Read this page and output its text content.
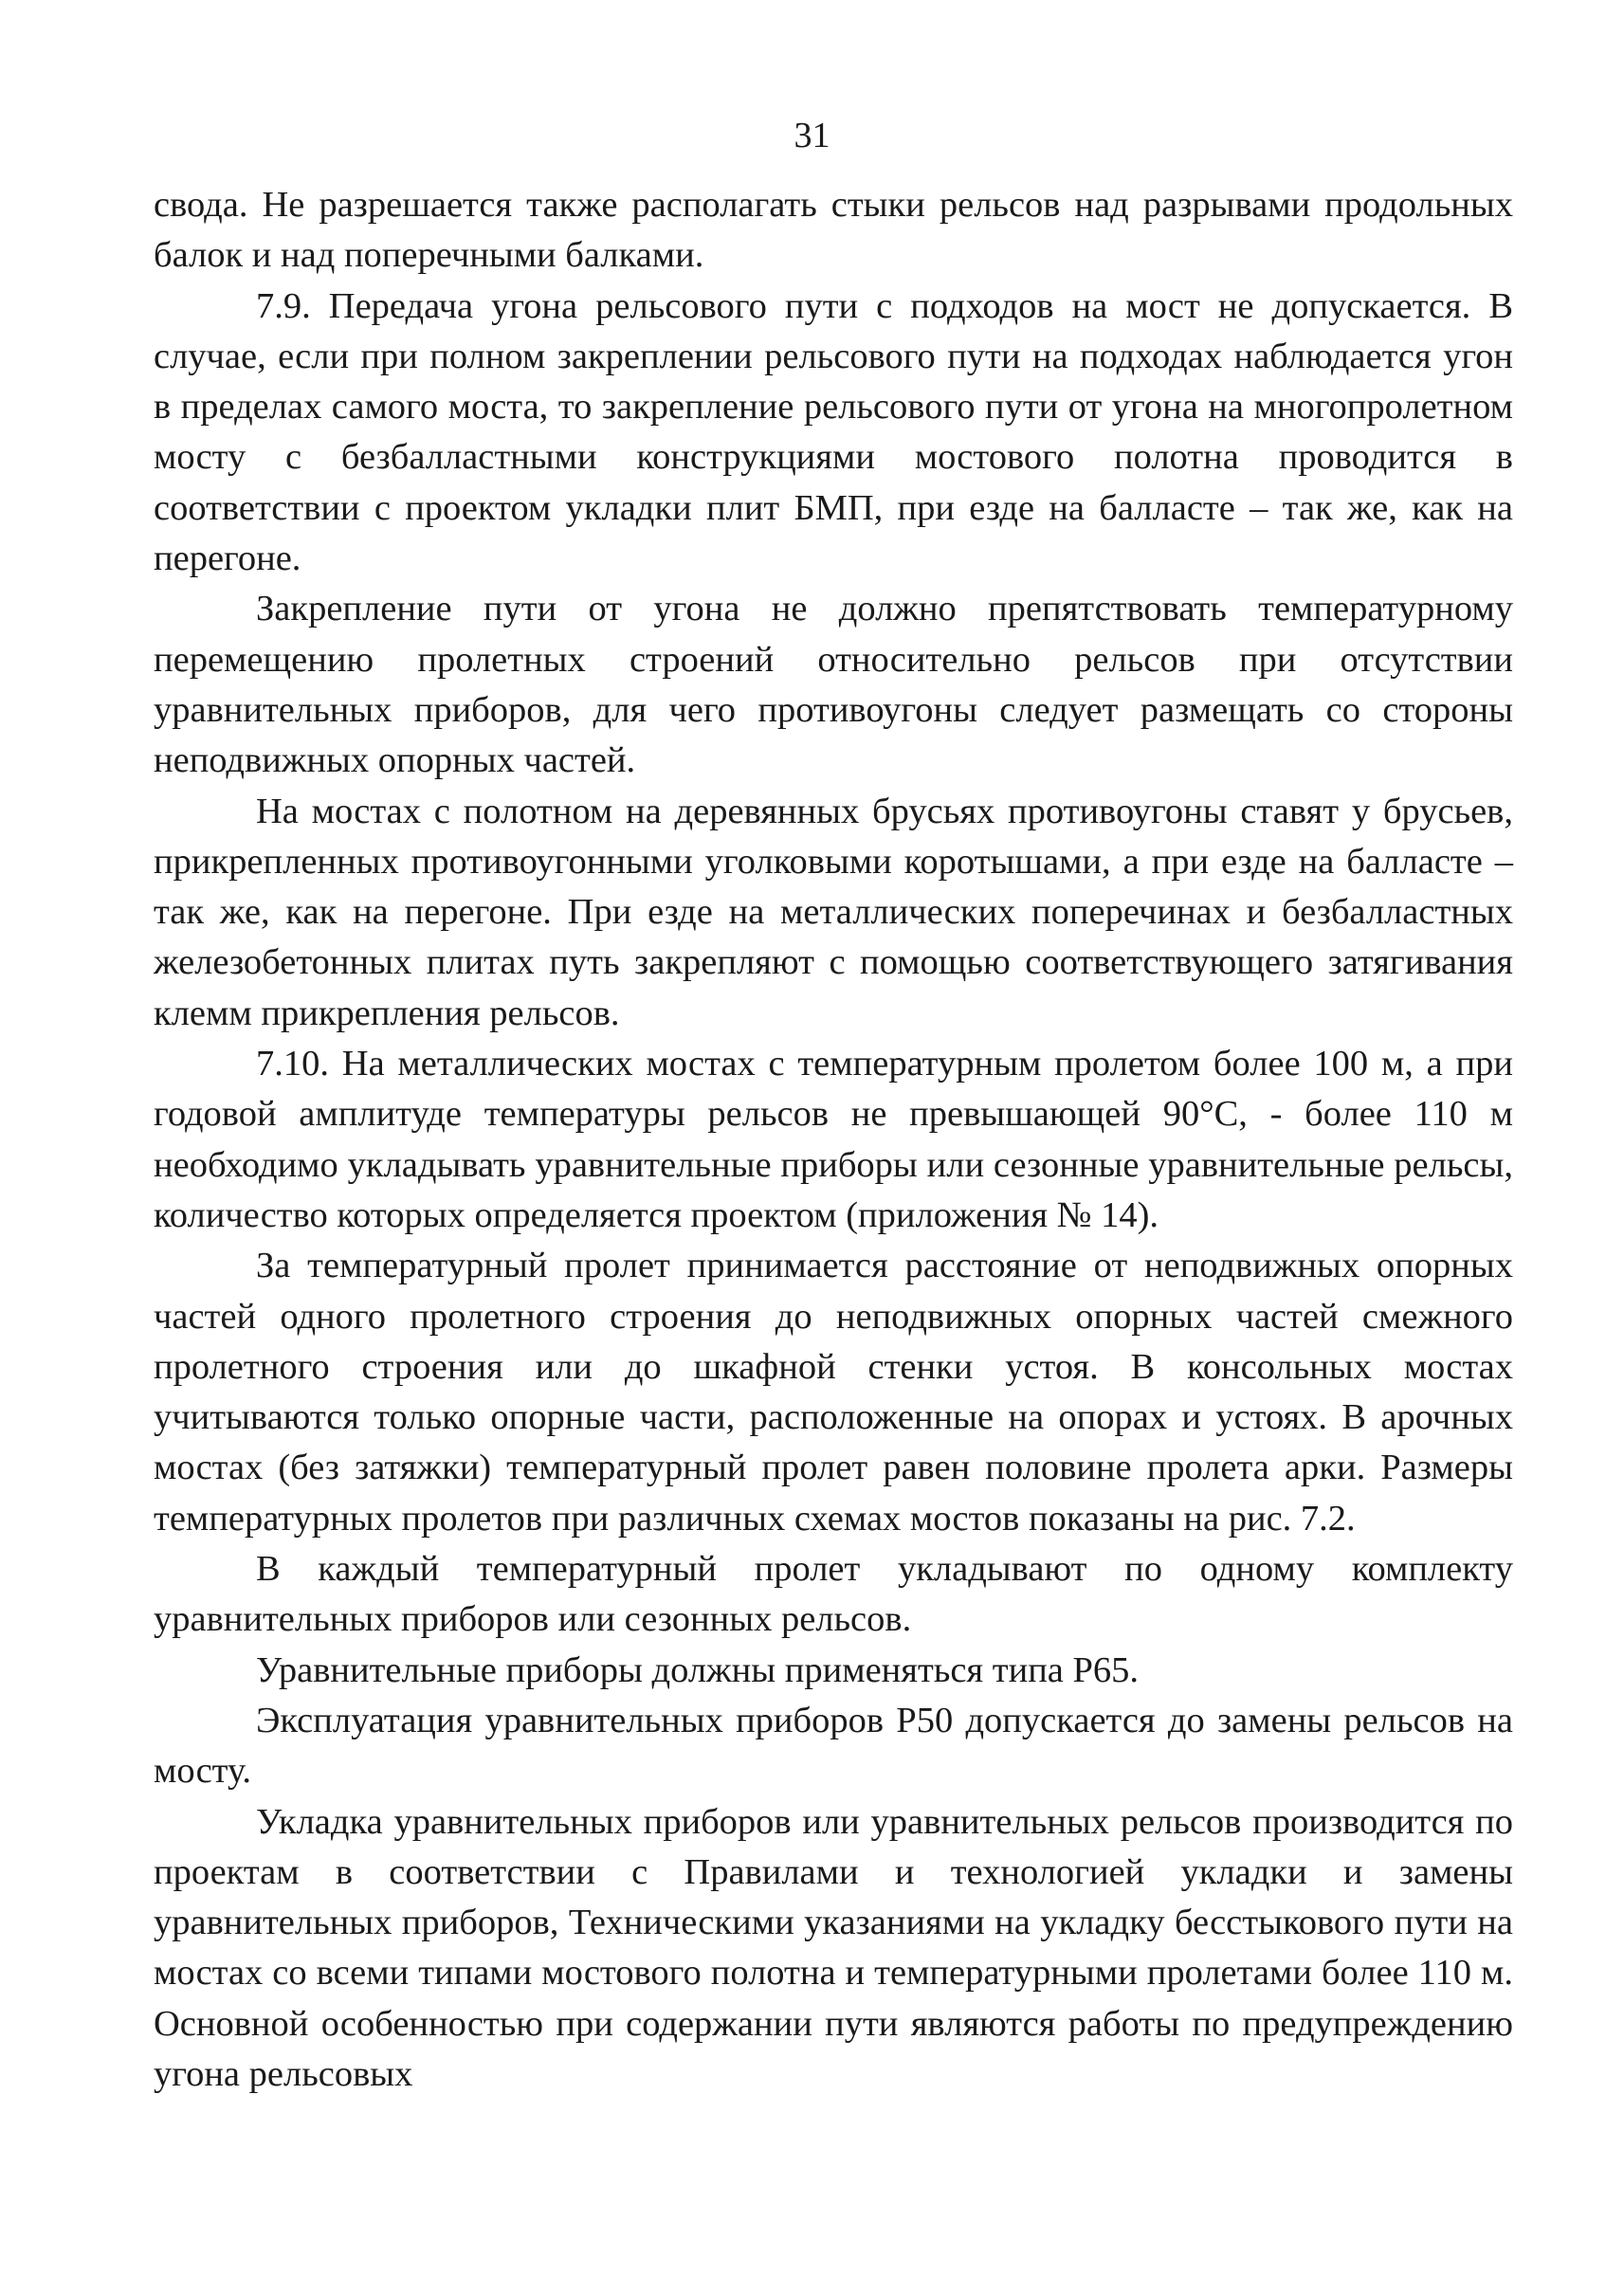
31

свода. Не разрешается также располагать стыки рельсов над разрывами продольных балок и над поперечными балками.

7.9. Передача угона рельсового пути с подходов на мост не допускается. В случае, если при полном закреплении рельсового пути на подходах наблюдается угон в пределах самого моста, то закрепление рельсового пути от угона на многопролетном мосту с безбалластными конструкциями мостового полотна проводится в соответствии с проектом укладки плит БМП, при езде на балласте – так же, как на перегоне.

Закрепление пути от угона не должно препятствовать температурному перемещению пролетных строений относительно рельсов при отсутствии уравнительных приборов, для чего противоугоны следует размещать со стороны неподвижных опорных частей.

На мостах с полотном на деревянных брусьях противоугоны ставят у брусьев, прикрепленных противоугонными уголковыми коротышами, а при езде на балласте – так же, как на перегоне. При езде на металлических поперечинах и безбалластных железобетонных плитах путь закрепляют с помощью соответствующего затягивания клемм прикрепления рельсов.

7.10. На металлических мостах с температурным пролетом более 100 м, а при годовой амплитуде температуры рельсов не превышающей 90°С, - более 110 м необходимо укладывать уравнительные приборы или сезонные уравнительные рельсы, количество которых определяется проектом (приложения № 14).

За температурный пролет принимается расстояние от неподвижных опорных частей одного пролетного строения до неподвижных опорных частей смежного пролетного строения или до шкафной стенки устоя. В консольных мостах учитываются только опорные части, расположенные на опорах и устоях. В арочных мостах (без затяжки) температурный пролет равен половине пролета арки. Размеры температурных пролетов при различных схемах мостов показаны на рис. 7.2.

В каждый температурный пролет укладывают по одному комплекту уравнительных приборов или сезонных рельсов.

Уравнительные приборы должны применяться типа Р65.

Эксплуатация уравнительных приборов Р50 допускается до замены рельсов на мосту.

Укладка уравнительных приборов или уравнительных рельсов производится по проектам в соответствии с Правилами и технологией укладки и замены уравнительных приборов, Техническими указаниями на укладку бесстыкового пути на мостах со всеми типами мостового полотна и температурными пролетами более 110 м. Основной особенностью при содержании пути являются работы по предупреждению угона рельсовых
